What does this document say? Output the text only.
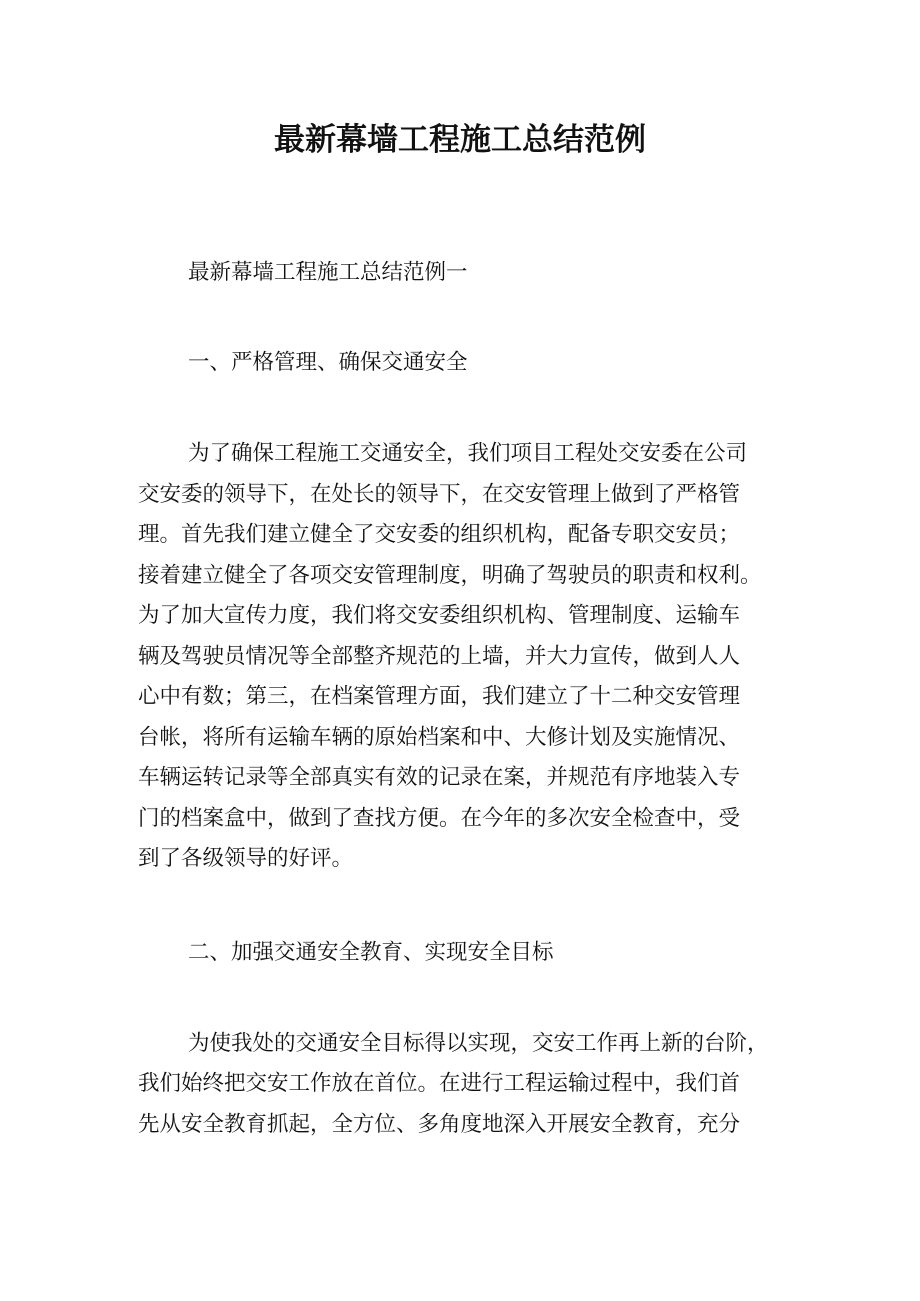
最新幕墙工程施工总结范例

最新幕墙工程施工总结范例一

一、严格管理、确保交通安全

为了确保工程施工交通安全，我们项目工程处交安委在公司
交安委的领导下，在处长的领导下，在交安管理上做到了严格管
理。首先我们建立健全了交安委的组织机构，配备专职交安员；
接着建立健全了各项交安管理制度，明确了驾驶员的职责和权利。
为了加大宣传力度，我们将交安委组织机构、管理制度、运输车
辆及驾驶员情况等全部整齐规范的上墙，并大力宣传，做到人人
心中有数；第三，在档案管理方面，我们建立了十二种交安管理
台帐，将所有运输车辆的原始档案和中、大修计划及实施情况、
车辆运转记录等全部真实有效的记录在案，并规范有序地装入专
门的档案盒中，做到了查找方便。在今年的多次安全检查中，受
到了各级领导的好评。

二、加强交通安全教育、实现安全目标

为使我处的交通安全目标得以实现，交安工作再上新的台阶，
我们始终把交安工作放在首位。在进行工程运输过程中，我们首
先从安全教育抓起，全方位、多角度地深入开展安全教育，充分
